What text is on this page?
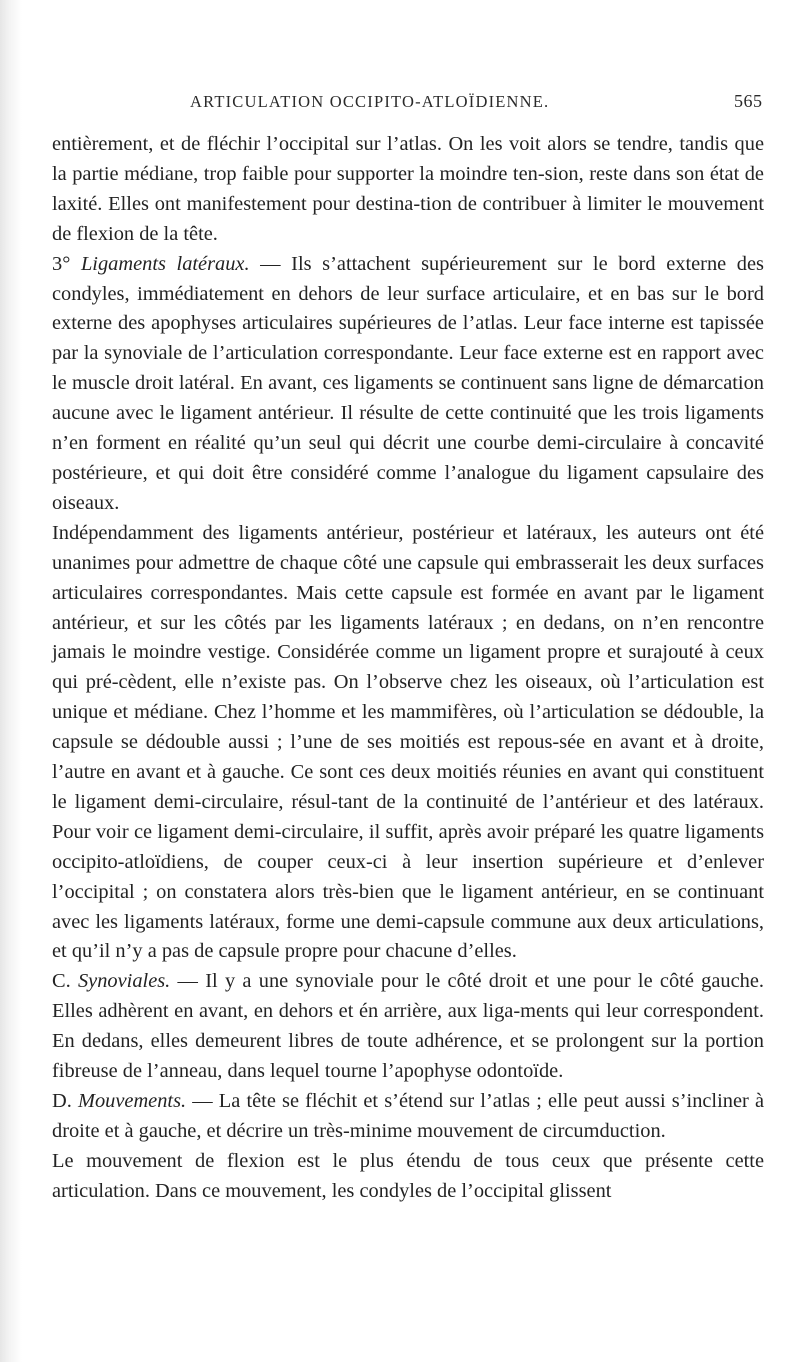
ARTICULATION OCCIPITO-ATLOÏDIENNE.	565

entièrement, et de fléchir l’occipital sur l’atlas. On les voit alors se tendre, tandis que la partie médiane, trop faible pour supporter la moindre ten-sion, reste dans son état de laxité. Elles ont manifestement pour destina-tion de contribuer à limiter le mouvement de flexion de la tête.

3° Ligaments latéraux. — Ils s’attachent supérieurement sur le bord externe des condyles, immédiatement en dehors de leur surface articulaire, et en bas sur le bord externe des apophyses articulaires supérieures de l’atlas. Leur face interne est tapissée par la synoviale de l’articulation correspondante. Leur face externe est en rapport avec le muscle droit latéral. En avant, ces ligaments se continuent sans ligne de démarcation aucune avec le ligament antérieur. Il résulte de cette continuité que les trois ligaments n’en forment en réalité qu’un seul qui décrit une courbe demi-circulaire à concavité postérieure, et qui doit être considéré comme l’analogue du ligament capsulaire des oiseaux.

Indépendamment des ligaments antérieur, postérieur et latéraux, les auteurs ont été unanimes pour admettre de chaque côté une capsule qui embrasserait les deux surfaces articulaires correspondantes. Mais cette capsule est formée en avant par le ligament antérieur, et sur les côtés par les ligaments latéraux ; en dedans, on n’en rencontre jamais le moindre vestige. Considérée comme un ligament propre et surajouté à ceux qui pré-cèdent, elle n’existe pas. On l’observe chez les oiseaux, où l’articulation est unique et médiane. Chez l’homme et les mammifères, où l’articulation se dédouble, la capsule se dédouble aussi ; l’une de ses moitiés est repous-sée en avant et à droite, l’autre en avant et à gauche. Ce sont ces deux moitiés réunies en avant qui constituent le ligament demi-circulaire, résul-tant de la continuité de l’antérieur et des latéraux. Pour voir ce ligament demi-circulaire, il suffit, après avoir préparé les quatre ligaments occipito-atloïdiens, de couper ceux-ci à leur insertion supérieure et d’enlever l’occipital ; on constatera alors très-bien que le ligament antérieur, en se continuant avec les ligaments latéraux, forme une demi-capsule commune aux deux articulations, et qu’il n’y a pas de capsule propre pour chacune d’elles.

C. Synoviales. — Il y a une synoviale pour le côté droit et une pour le côté gauche. Elles adhèrent en avant, en dehors et én arrière, aux liga-ments qui leur correspondent. En dedans, elles demeurent libres de toute adhérence, et se prolongent sur la portion fibreuse de l’anneau, dans lequel tourne l’apophyse odontoïde.

D. Mouvements. — La tête se fléchit et s’étend sur l’atlas ; elle peut aussi s’incliner à droite et à gauche, et décrire un très-minime mouvement de circumduction.

Le mouvement de flexion est le plus étendu de tous ceux que présente cette articulation. Dans ce mouvement, les condyles de l’occipital glissent
